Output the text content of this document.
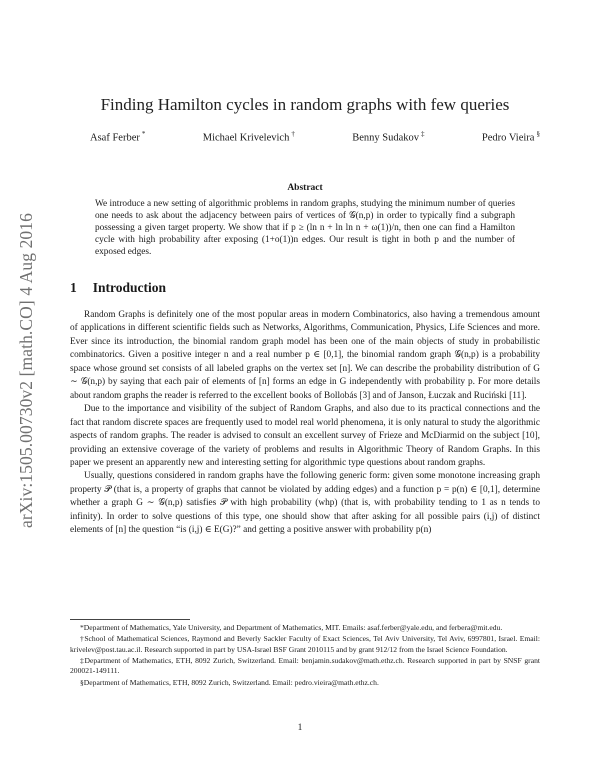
arXiv:1505.00730v2 [math.CO] 4 Aug 2016
Finding Hamilton cycles in random graphs with few queries
Asaf Ferber *	Michael Krivelevich †	Benny Sudakov ‡	Pedro Vieira §
Abstract
We introduce a new setting of algorithmic problems in random graphs, studying the minimum number of queries one needs to ask about the adjacency between pairs of vertices of 𝒢(n,p) in order to typically find a subgraph possessing a given target property. We show that if p ≥ (ln n + ln ln n + ω(1))/n, then one can find a Hamilton cycle with high probability after exposing (1+o(1))n edges. Our result is tight in both p and the number of exposed edges.
1 Introduction

Random Graphs is definitely one of the most popular areas in modern Combinatorics, also having a tremendous amount of applications in different scientific fields such as Networks, Algorithms, Communication, Physics, Life Sciences and more. Ever since its introduction, the binomial random graph model has been one of the main objects of study in probabilistic combinatorics. Given a positive integer n and a real number p ∈ [0,1], the binomial random graph 𝒢(n,p) is a probability space whose ground set consists of all labeled graphs on the vertex set [n]. We can describe the probability distribution of G ∼ 𝒢(n,p) by saying that each pair of elements of [n] forms an edge in G independently with probability p. For more details about random graphs the reader is referred to the excellent books of Bollobás [3] and of Janson, Łuczak and Ruciński [11].

Due to the importance and visibility of the subject of Random Graphs, and also due to its practical connections and the fact that random discrete spaces are frequently used to model real world phenomena, it is only natural to study the algorithmic aspects of random graphs. The reader is advised to consult an excellent survey of Frieze and McDiarmid on the subject [10], providing an extensive coverage of the variety of problems and results in Algorithmic Theory of Random Graphs. In this paper we present an apparently new and interesting setting for algorithmic type questions about random graphs.

Usually, questions considered in random graphs have the following generic form: given some monotone increasing graph property 𝒫 (that is, a property of graphs that cannot be violated by adding edges) and a function p = p(n) ∈ [0,1], determine whether a graph G ∼ 𝒢(n,p) satisfies 𝒫 with high probability (whp) (that is, with probability tending to 1 as n tends to infinity). In order to solve questions of this type, one should show that after asking for all possible pairs (i,j) of distinct elements of [n] the question “is (i,j) ∈ E(G)?” and getting a positive answer with probability p(n)

*Department of Mathematics, Yale University, and Department of Mathematics, MIT. Emails: asaf.ferber@yale.edu, and ferbera@mit.edu.

†School of Mathematical Sciences, Raymond and Beverly Sackler Faculty of Exact Sciences, Tel Aviv University, Tel Aviv, 6997801, Israel. Email: krivelev@post.tau.ac.il. Research supported in part by USA-Israel BSF Grant 2010115 and by grant 912/12 from the Israel Science Foundation.

‡Department of Mathematics, ETH, 8092 Zurich, Switzerland. Email: benjamin.sudakov@math.ethz.ch. Research supported in part by SNSF grant 200021-149111.

§Department of Mathematics, ETH, 8092 Zurich, Switzerland. Email: pedro.vieira@math.ethz.ch.

1
